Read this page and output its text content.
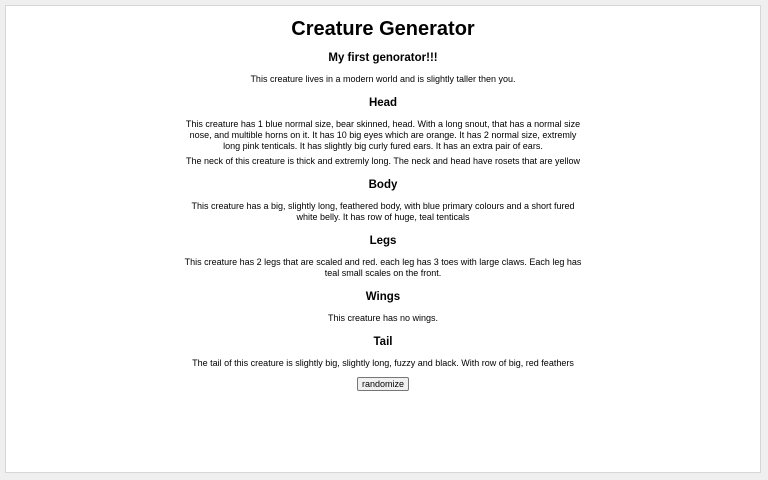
Creature Generator
My first genorator!!!

This creature lives in a modern world and is slightly taller then you.

Head

This creature has 1 blue normal size, bear skinned, head. With a long snout, that has a normal size nose, and multible horns on it. It has 10 big eyes which are orange. It has 2 normal size, extremly long pink tenticals. It has slightly big curly fured ears. It has an extra pair of ears.

The neck of this creature is thick and extremly long. The neck and head have rosets that are yellow

Body

This creature has a big, slightly long, feathered body, with blue primary colours and a short fured white belly. It has row of huge, teal tenticals

Legs

This creature has 2 legs that are scaled and red. each leg has 3 toes with large claws. Each leg has teal small scales on the front.

Wings

This creature has no wings.

Tail

The tail of this creature is slightly big, slightly long, fuzzy and black. With row of big, red feathers

randomize
